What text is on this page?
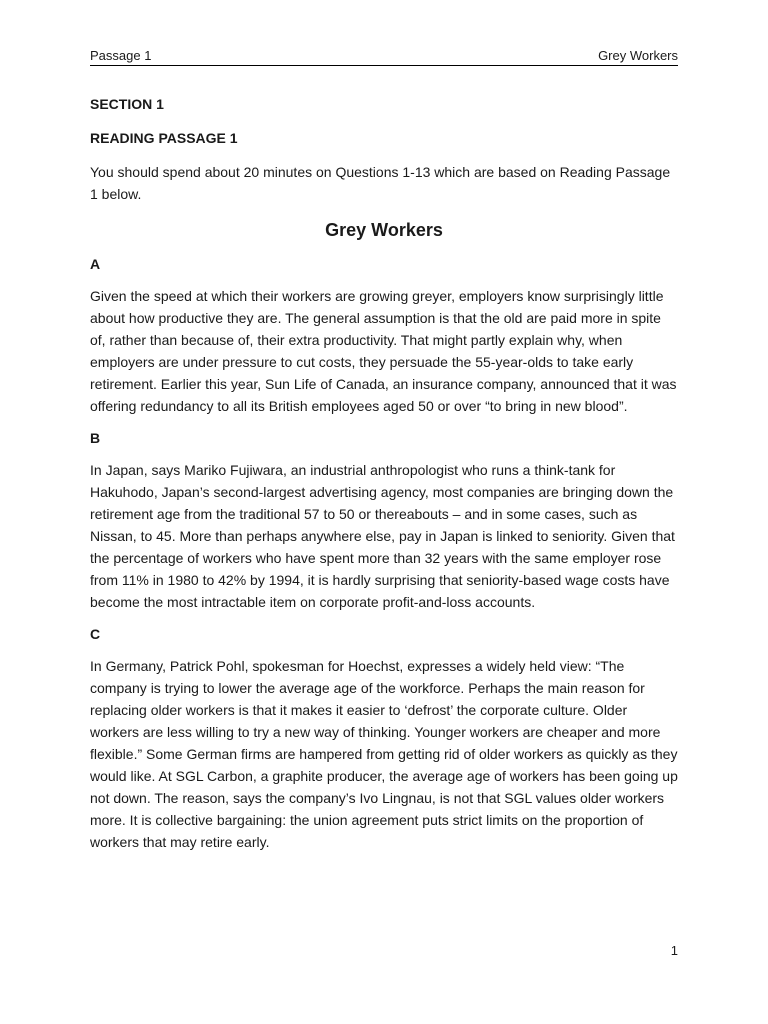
Passage 1	Grey Workers

SECTION 1

READING PASSAGE 1

You should spend about 20 minutes on Questions 1-13 which are based on Reading Passage 1 below.

Grey Workers

A

Given the speed at which their workers are growing greyer, employers know surprisingly little about how productive they are. The general assumption is that the old are paid more in spite of, rather than because of, their extra productivity. That might partly explain why, when employers are under pressure to cut costs, they persuade the 55-year-olds to take early retirement. Earlier this year, Sun Life of Canada, an insurance company, announced that it was offering redundancy to all its British employees aged 50 or over “to bring in new blood”.

B

In Japan, says Mariko Fujiwara, an industrial anthropologist who runs a think-tank for Hakuhodo, Japan’s second-largest advertising agency, most companies are bringing down the retirement age from the traditional 57 to 50 or thereabouts – and in some cases, such as Nissan, to 45. More than perhaps anywhere else, pay in Japan is linked to seniority. Given that the percentage of workers who have spent more than 32 years with the same employer rose from 11% in 1980 to 42% by 1994, it is hardly surprising that seniority-based wage costs have become the most intractable item on corporate profit-and-loss accounts.

C

In Germany, Patrick Pohl, spokesman for Hoechst, expresses a widely held view: “The company is trying to lower the average age of the workforce. Perhaps the main reason for replacing older workers is that it makes it easier to ‘defrost’ the corporate culture. Older workers are less willing to try a new way of thinking. Younger workers are cheaper and more flexible.” Some German firms are hampered from getting rid of older workers as quickly as they would like. At SGL Carbon, a graphite producer, the average age of workers has been going up not down. The reason, says the company’s Ivo Lingnau, is not that SGL values older workers more. It is collective bargaining: the union agreement puts strict limits on the proportion of workers that may retire early.

1
